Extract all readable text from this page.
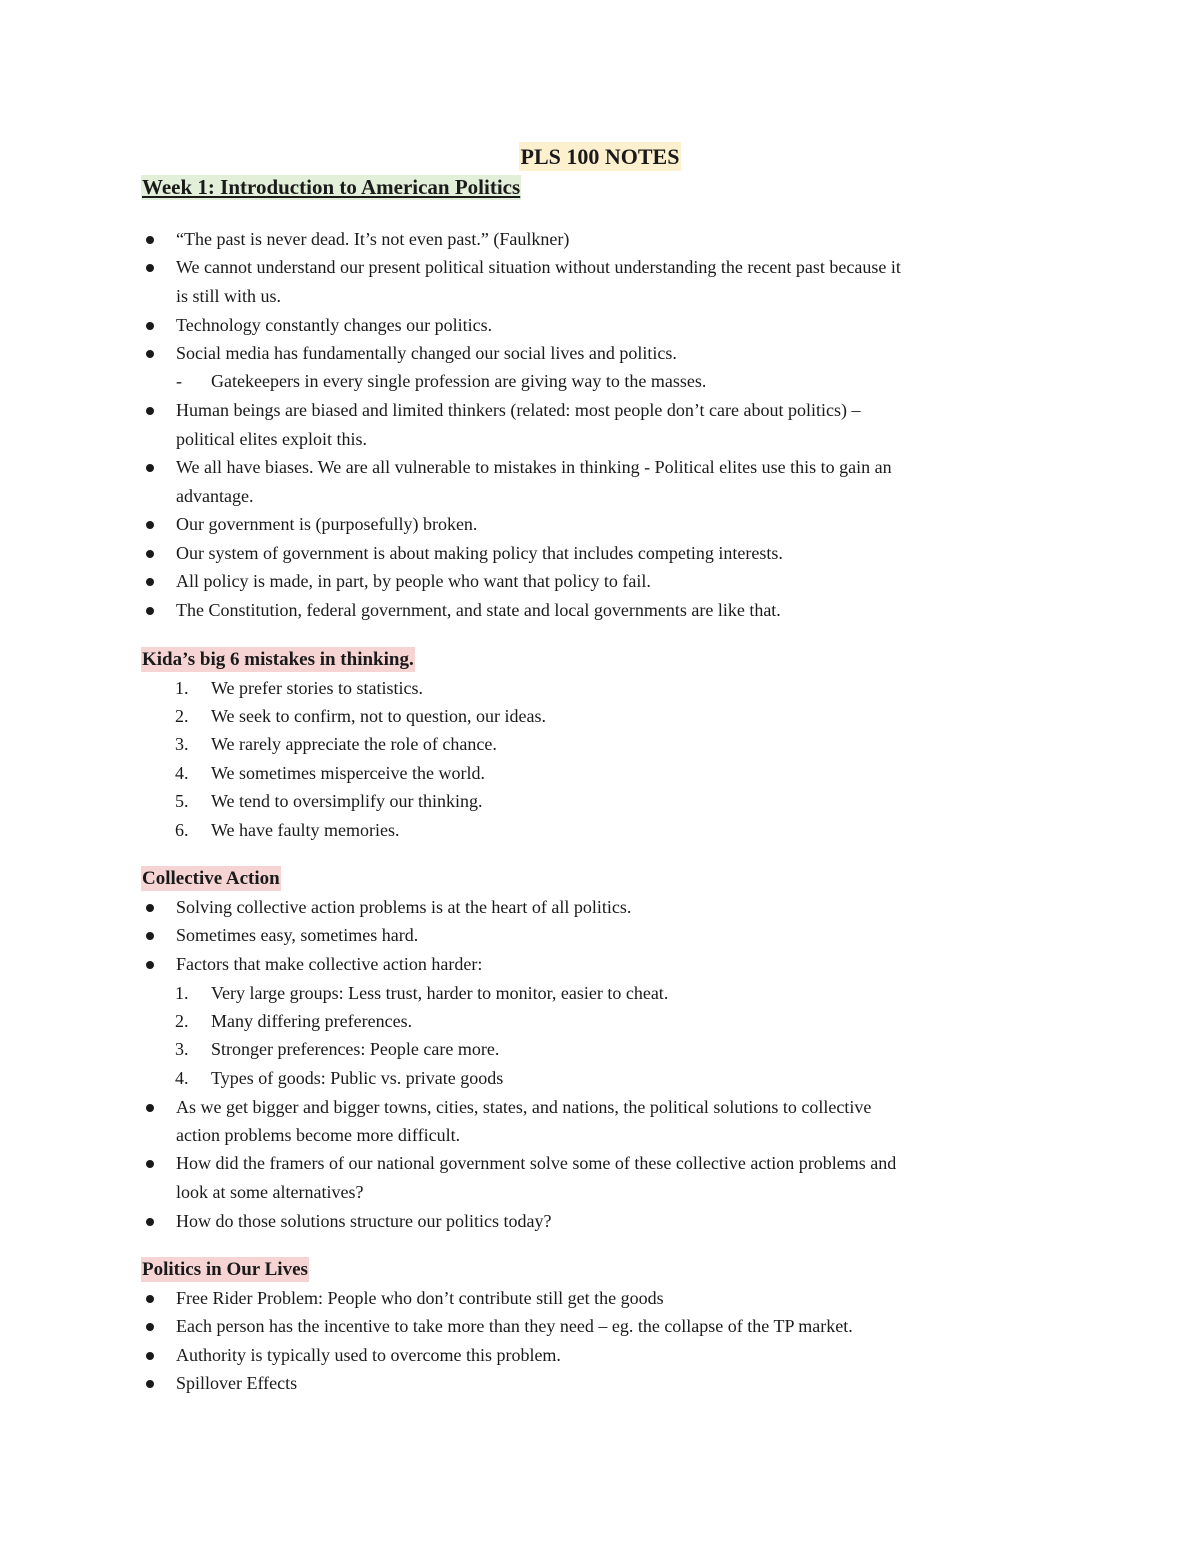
PLS 100 NOTES
Week 1: Introduction to American Politics
“The past is never dead. It’s not even past.” (Faulkner)
We cannot understand our present political situation without understanding the recent past because it
is still with us.
Technology constantly changes our politics.
Social media has fundamentally changed our social lives and politics.
- Gatekeepers in every single profession are giving way to the masses.
Human beings are biased and limited thinkers (related: most people don’t care about politics) –
political elites exploit this.
We all have biases. We are all vulnerable to mistakes in thinking - Political elites use this to gain an
advantage.
Our government is (purposefully) broken.
Our system of government is about making policy that includes competing interests.
All policy is made, in part, by people who want that policy to fail.
The Constitution, federal government, and state and local governments are like that.
Kida’s big 6 mistakes in thinking.
1. We prefer stories to statistics.
2. We seek to confirm, not to question, our ideas.
3. We rarely appreciate the role of chance.
4. We sometimes misperceive the world.
5. We tend to oversimplify our thinking.
6. We have faulty memories.
Collective Action
Solving collective action problems is at the heart of all politics.
Sometimes easy, sometimes hard.
Factors that make collective action harder:
1. Very large groups: Less trust, harder to monitor, easier to cheat.
2. Many differing preferences.
3. Stronger preferences: People care more.
4. Types of goods: Public vs. private goods
As we get bigger and bigger towns, cities, states, and nations, the political solutions to collective
action problems become more difficult.
How did the framers of our national government solve some of these collective action problems and
look at some alternatives?
How do those solutions structure our politics today?
Politics in Our Lives
Free Rider Problem: People who don’t contribute still get the goods
Each person has the incentive to take more than they need – eg. the collapse of the TP market.
Authority is typically used to overcome this problem.
Spillover Effects
